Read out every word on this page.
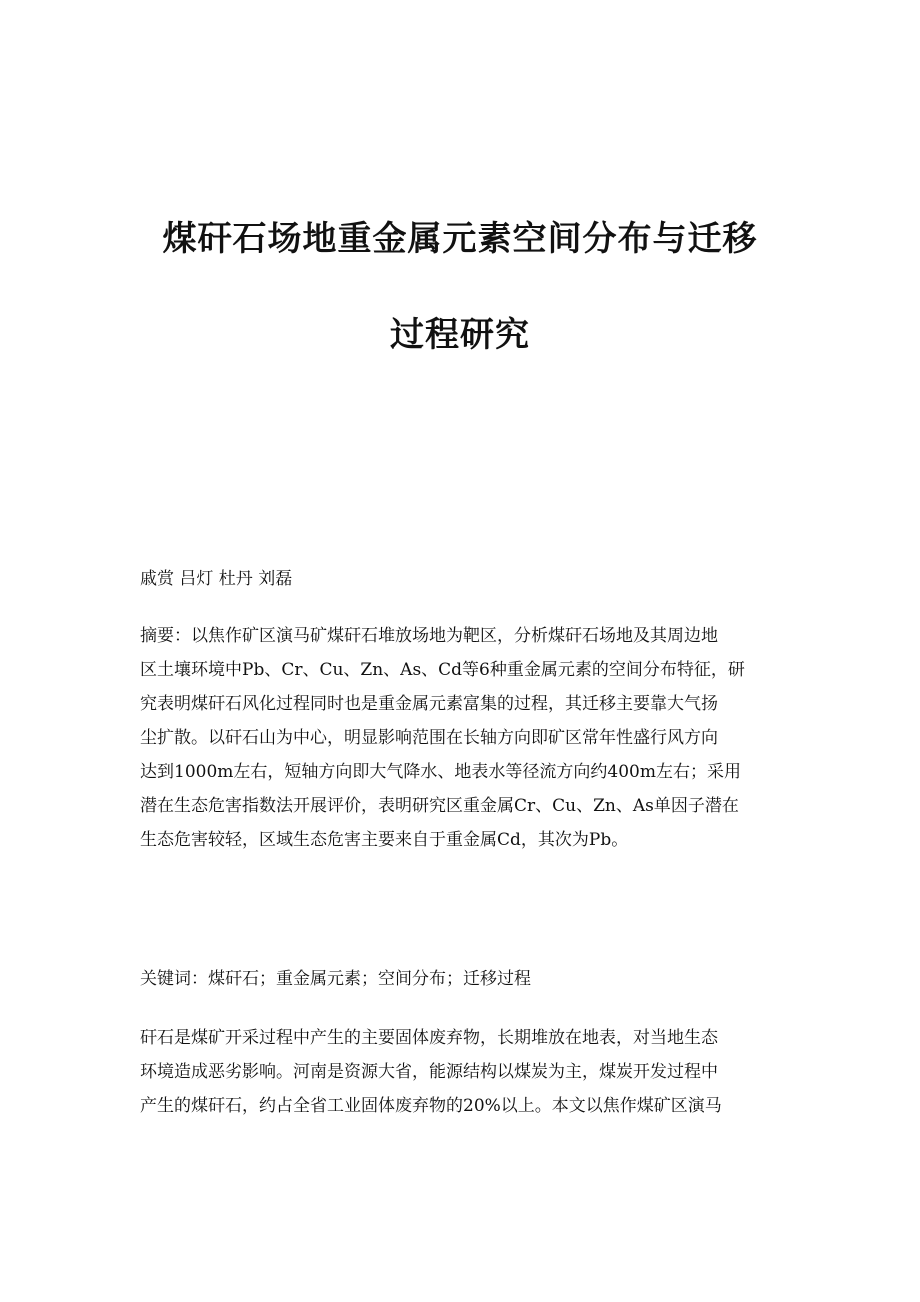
煤矸石场地重金属元素空间分布与迁移
过程研究

戚赏 吕灯 杜丹 刘磊

摘要：以焦作矿区演马矿煤矸石堆放场地为靶区，分析煤矸石场地及其周边地
区土壤环境中Pb、Cr、Cu、Zn、As、Cd等6种重金属元素的空间分布特征，研
究表明煤矸石风化过程同时也是重金属元素富集的过程，其迁移主要靠大气扬
尘扩散。以矸石山为中心，明显影响范围在长轴方向即矿区常年性盛行风方向
达到1000m左右，短轴方向即大气降水、地表水等径流方向约400m左右；采用
潜在生态危害指数法开展评价，表明研究区重金属Cr、Cu、Zn、As单因子潜在
生态危害较轻，区域生态危害主要来自于重金属Cd，其次为Pb。

关键词：煤矸石；重金属元素；空间分布；迁移过程

矸石是煤矿开采过程中产生的主要固体废弃物，长期堆放在地表，对当地生态
环境造成恶劣影响。河南是资源大省，能源结构以煤炭为主，煤炭开发过程中
产生的煤矸石，约占全省工业固体废弃物的20%以上。本文以焦作煤矿区演马
